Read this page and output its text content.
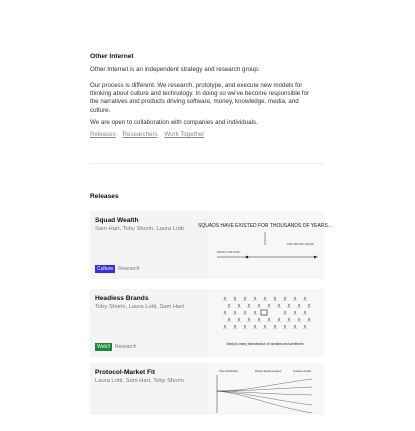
Other Internet

Other Internet is an independent strategy and research group.

Our process is different. We research, prototype, and execute new models for thinking about culture and technology. In doing so we've become responsible for the narratives and products driving software, money, knowledge, media, and culture.

We are open to collaboration with companies and individuals.

Releases Researchers Work Together
Releases
Squad Wealth
Sam Hart, Toby Shorin, Laura Lotti
Culture	Research
SQUADS HAVE EXISTED FOR THOUSANDS OF YEARS...
21ST CENTURY SQUAD
FRUSIS, FOR FOOD
Headless Brands
Toby Shorin, Laura Lotti, Sam Hart
Web3	Research	Many-to-many transmission of narrative and sentiment
Protocol-Market Fit
Laura Lotti, Sam Hart, Toby Shorin
Token Distribution	Product Experimentation	Selective Growth
